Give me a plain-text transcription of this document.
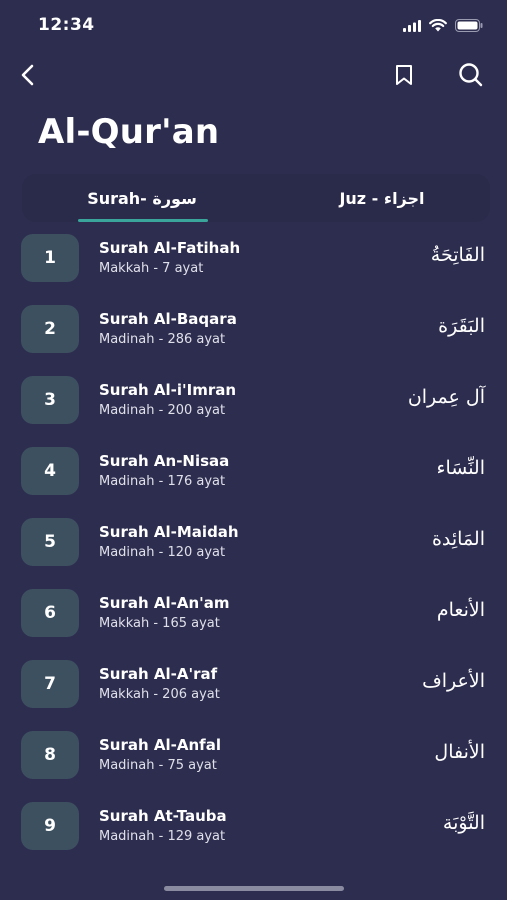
12:34
Al-Qur'an
Surah- سورة	Juz - اجزاء
1	Surah Al-Fatihah
Makkah - 7 ayat
الفَاتِحَةُ
2	Surah Al-Baqara
Madinah - 286 ayat
البَقَرَة
3	Surah Al-i'Imran
Madinah - 200 ayat
آل عِمران
4	Surah An-Nisaa
Madinah - 176 ayat
النِّسَاء
5	Surah Al-Maidah
Madinah - 120 ayat
المَائِدة
6	Surah Al-An'am
Makkah - 165 ayat
الأنعام
7	Surah Al-A'raf
Makkah - 206 ayat
الأعراف
8	Surah Al-Anfal
Madinah - 75 ayat
الأنفال
9	Surah At-Tauba
Madinah - 129 ayat
التَّوْبَة
